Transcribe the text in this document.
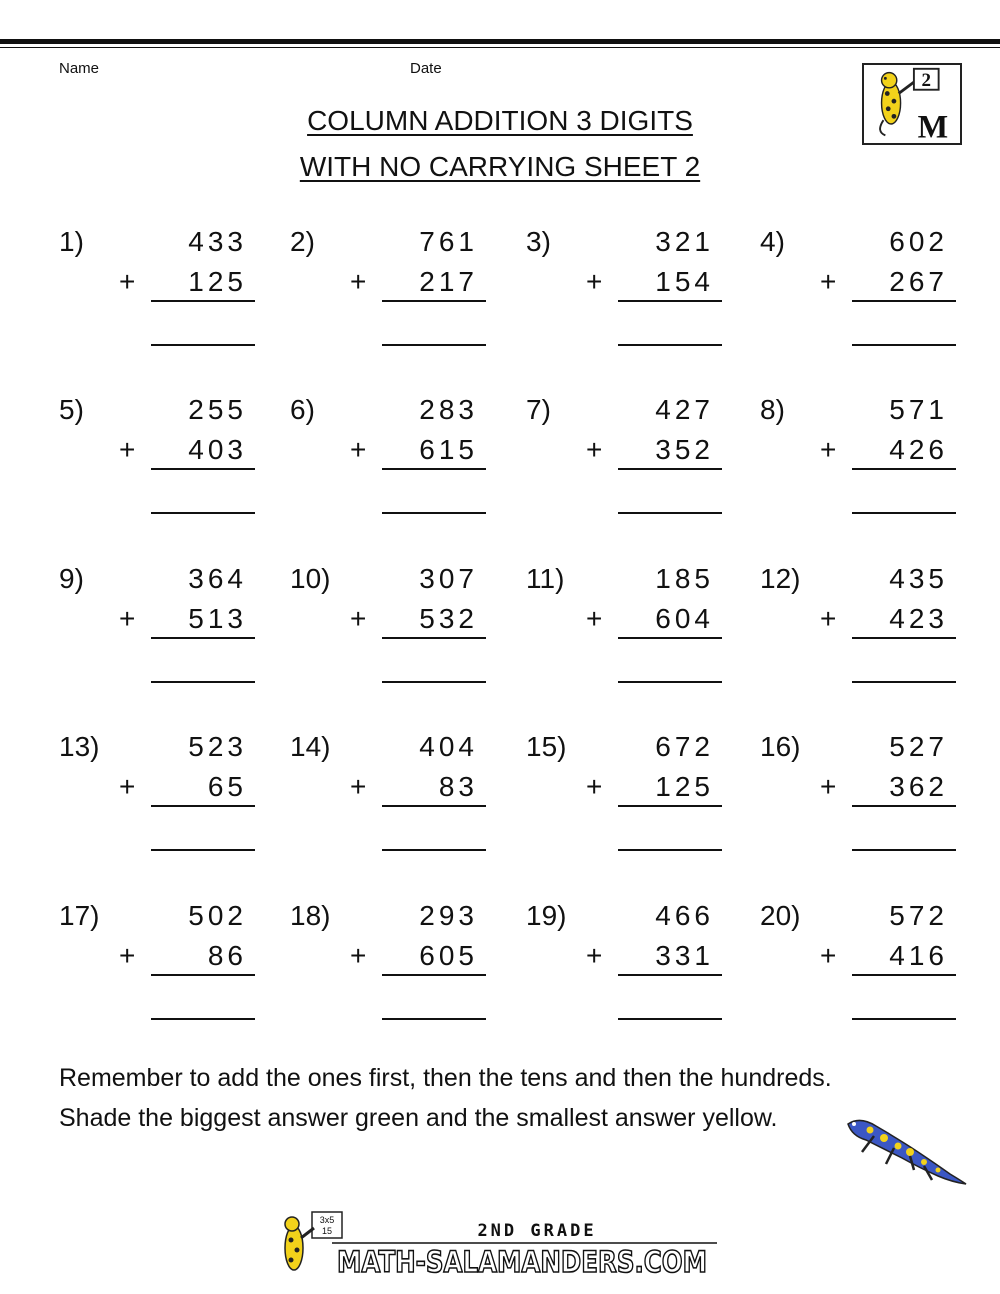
Name	Date
COLUMN ADDITION 3 DIGITS
WITH NO CARRYING SHEET 2
2
M
1)	433
+	125
2)	761
+	217
3)	321
+	154
4)	602
+	267
5)	255
+	403
6)	283
+	615
7)	427
+	352
8)	571
+	426
9)	364
+	513
10)	307
+	532
11)	185
+	604
12)	435
+	423
13)	523
+	65
14)	404
+	83
15)	672
+	125
16)	527
+	362
17)	502
+	86
18)	293
+	605
19)	466
+	331
20)	572
+	416
Remember to add the ones first, then the tens and then the hundreds.
Shade the biggest answer green and the smallest answer yellow.
3x5
15	2ND GRADE
MATH-SALAMANDERS.COM
